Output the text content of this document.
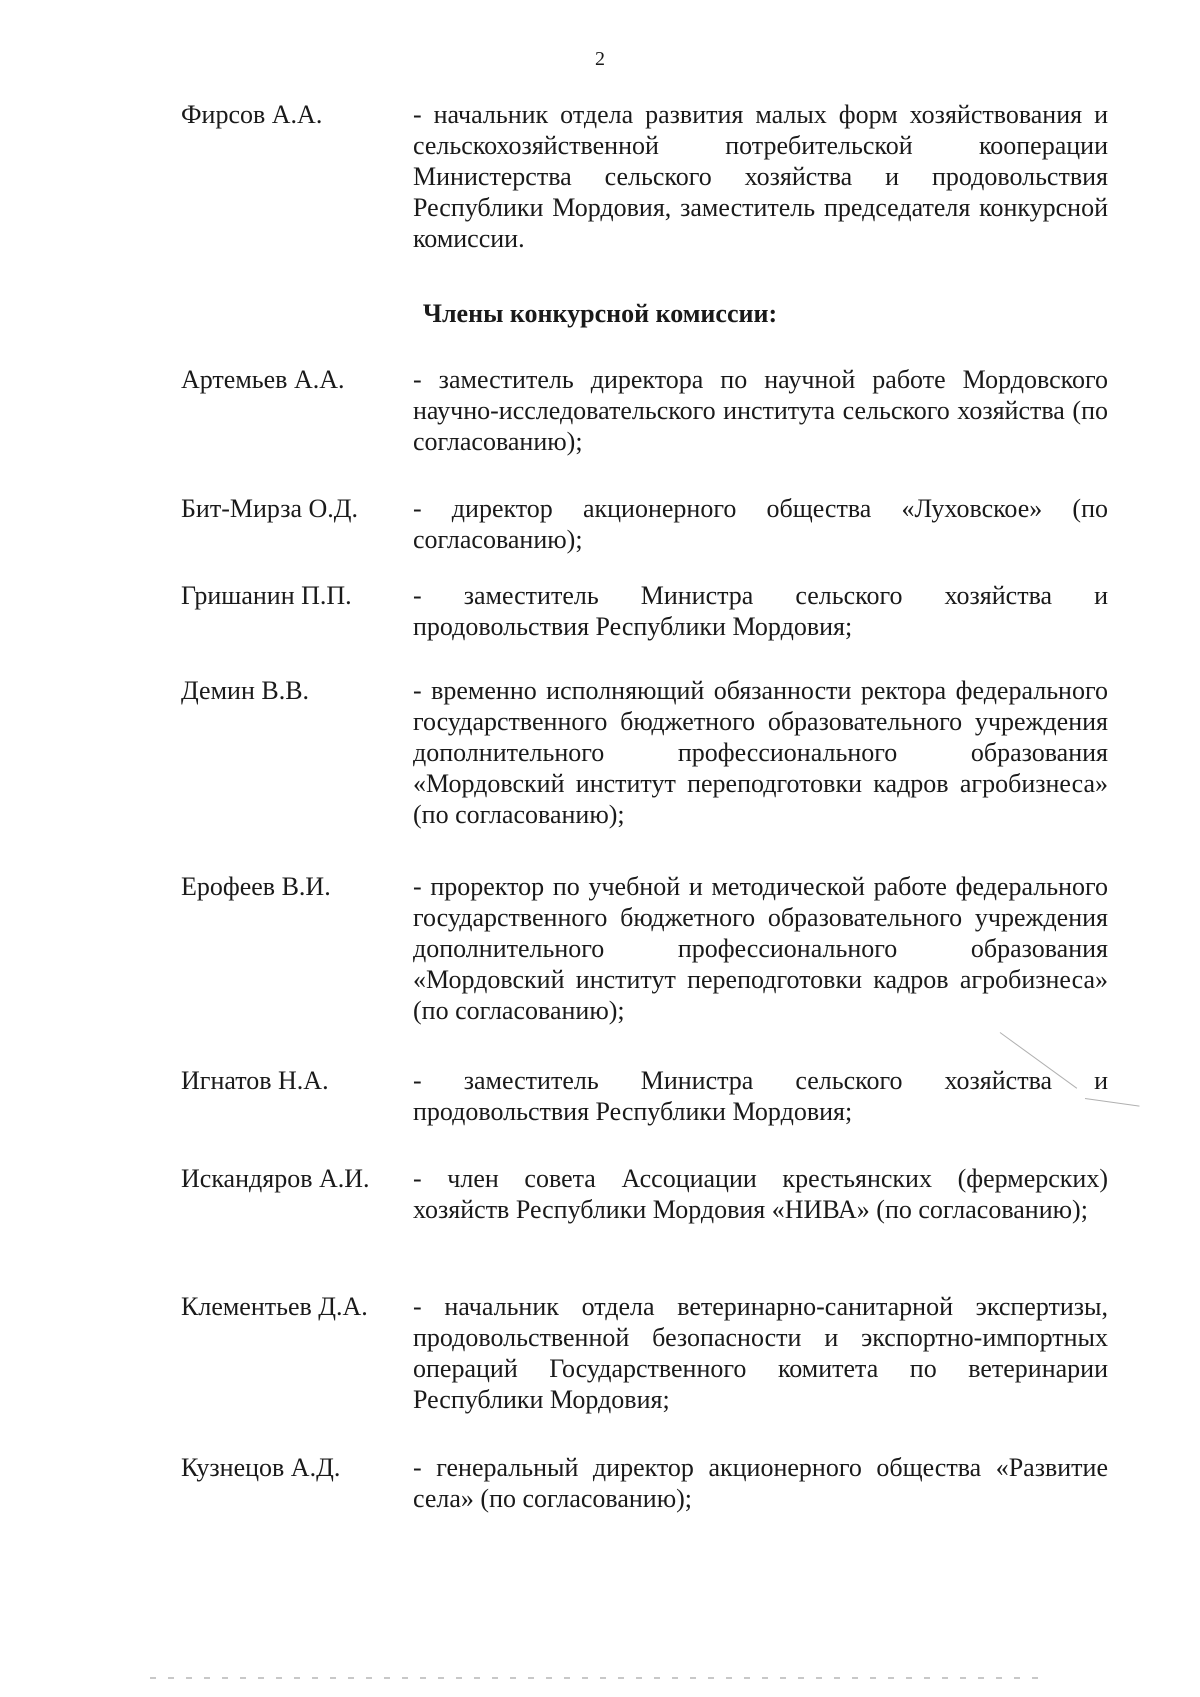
2
Фирсов А.А.	- начальник отдела развития малых форм хозяйствования и сельскохозяйственной потребительской кооперации Министерства сельского хозяйства и продовольствия Республики Мордовия, заместитель председателя конкурсной комиссии.
Члены конкурсной комиссии:
Артемьев А.А.	- заместитель директора по научной работе Мордовского научно-исследовательского института сельского хозяйства (по согласованию);
Бит-Мирза О.Д. - директор акционерного общества «Луховское» (по согласованию);
Гришанин П.П. - заместитель Министра сельского хозяйства и продовольствия Республики Мордовия;
Демин В.В.	- временно исполняющий обязанности ректора федерального государственного бюджетного образовательного учреждения дополнительного профессионального образования «Мордовский институт переподготовки кадров агробизнеса» (по согласованию);
Ерофеев В.И.	- проректор по учебной и методической работе федерального государственного бюджетного образовательного учреждения дополнительного профессионального образования «Мордовский институт переподготовки кадров агробизнеса» (по согласованию);
Игнатов Н.А.	- заместитель Министра сельского хозяйства и продовольствия Республики Мордовия;
Искандяров А.И. - член совета Ассоциации крестьянских (фермерских) хозяйств Республики Мордовия «НИВА» (по согласованию);
Клементьев Д.А. - начальник отдела ветеринарно-санитарной экспертизы, продовольственной безопасности и экспортно-импортных операций Государственного комитета по ветеринарии Республики Мордовия;
Кузнецов А.Д.	- генеральный директор акционерного общества «Развитие села» (по согласованию);
